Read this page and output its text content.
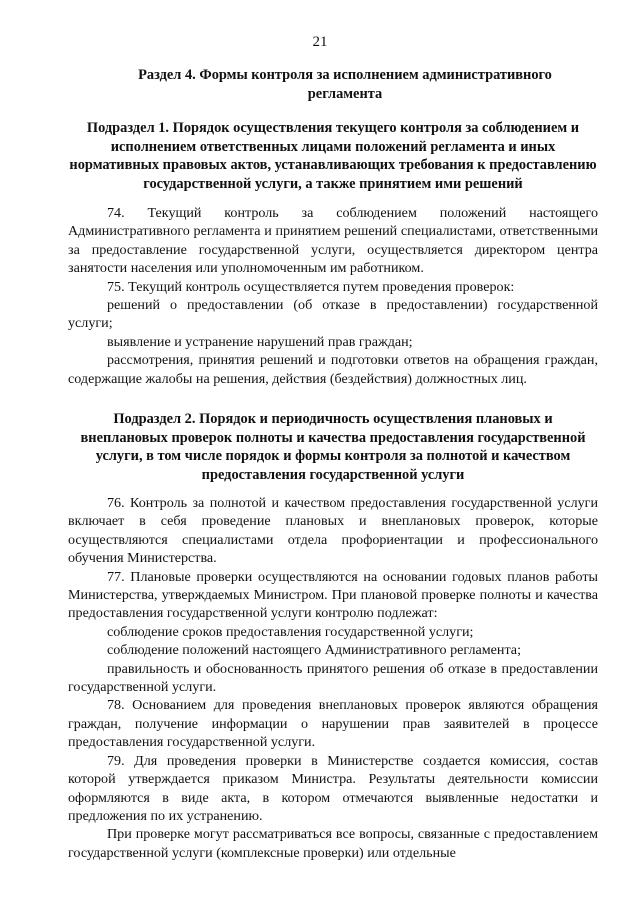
21
Раздел 4. Формы контроля за исполнением административного регламента
Подраздел 1. Порядок осуществления текущего контроля за соблюдением и исполнением ответственных лицами положений регламента и иных нормативных правовых актов, устанавливающих требования к предоставлению государственной услуги, а также принятием ими решений

74. Текущий контроль за соблюдением положений настоящего Административного регламента и принятием решений специалистами, ответственными за предоставление государственной услуги, осуществляется директором центра занятости населения или уполномоченным им работником.

75. Текущий контроль осуществляется путем проведения проверок:

решений о предоставлении (об отказе в предоставлении) государственной услуги;

выявление и устранение нарушений прав граждан;

рассмотрения, принятия решений и подготовки ответов на обращения граждан, содержащие жалобы на решения, действия (бездействия) должностных лиц.

Подраздел 2. Порядок и периодичность осуществления плановых и внеплановых проверок полноты и качества предоставления государственной услуги, в том числе порядок и формы контроля за полнотой и качеством предоставления государственной услуги

76. Контроль за полнотой и качеством предоставления государственной услуги включает в себя проведение плановых и внеплановых проверок, которые осуществляются специалистами отдела профориентации и профессионального обучения Министерства.

77. Плановые проверки осуществляются на основании годовых планов работы Министерства, утверждаемых Министром. При плановой проверке полноты и качества предоставления государственной услуги контролю подлежат:

соблюдение сроков предоставления государственной услуги;

соблюдение положений настоящего Административного регламента;

правильность и обоснованность принятого решения об отказе в предоставлении государственной услуги.

78. Основанием для проведения внеплановых проверок являются обращения граждан, получение информации о нарушении прав заявителей в процессе предоставления государственной услуги.

79. Для проведения проверки в Министерстве создается комиссия, состав которой утверждается приказом Министра. Результаты деятельности комиссии оформляются в виде акта, в котором отмечаются выявленные недостатки и предложения по их устранению.

При проверке могут рассматриваться все вопросы, связанные с предоставлением государственной услуги (комплексные проверки) или отдельные
